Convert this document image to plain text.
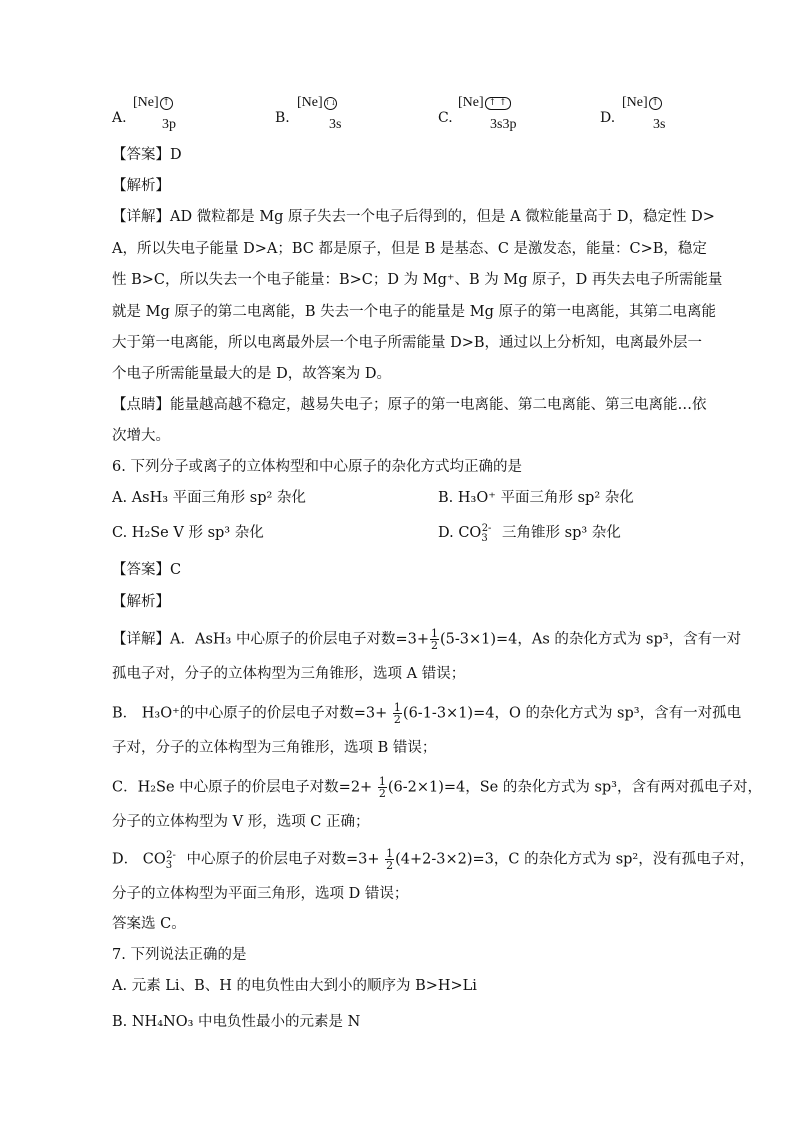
A.
[Ne] ↑
3p	B.
[Ne] ↑↓
3s	C.
[Ne] ↑ ↑
3s3p	D.
[Ne] ↑
3s
【答案】D
【解析】
【详解】AD 微粒都是 Mg 原子失去一个电子后得到的，但是 A 微粒能量高于 D，稳定性 D>
A，所以失电子能量 D>A；BC 都是原子，但是 B 是基态、C 是激发态，能量：C>B，稳定
性 B>C，所以失去一个电子能量：B>C；D 为 Mg⁺、B 为 Mg 原子，D 再失去电子所需能量
就是 Mg 原子的第二电离能，B 失去一个电子的能量是 Mg 原子的第一电离能，其第二电离能
大于第一电离能，所以电离最外层一个电子所需能量 D>B，通过以上分析知，电离最外层一
个电子所需能量最大的是 D，故答案为 D。
【点睛】能量越高越不稳定，越易失电子；原子的第一电离能、第二电离能、第三电离能…依
次增大。
6. 下列分子或离子的立体构型和中心原子的杂化方式均正确的是
A. AsH₃ 平面三角形 sp² 杂化	B. H₃O⁺ 平面三角形 sp² 杂化
C. H₂Se V 形 sp³ 杂化	D. $CO_3^{2-}$ 三角锥形 sp³ 杂化
【答案】C
【解析】
【详解】A．AsH₃ 中心原子的价层电子对数$=3+ \frac{1}{2} (5-3\times 1)=4$，As 的杂化方式为 sp³，含有一对
孤电子对，分子的立体构型为三角锥形，选项 A 错误；
B． H₃O⁺的中心原子的价层电子对数$=3+ \frac{1}{2} (6-1-3\times 1)=4$，O 的杂化方式为 sp³，含有一对孤电
子对，分子的立体构型为三角锥形，选项 B 错误；
C．H₂Se 中心原子的价层电子对数$=2+ \frac{1}{2} (6-2\times 1)=4$，Se 的杂化方式为 sp³，含有两对孤电子对，
分子的立体构型为 V 形，选项 C 正确；
D． $CO_3^{2-}$ 中心原子的价层电子对数$=3+ \frac{1}{2} (4+2-3\times 2)=3$，C 的杂化方式为 sp²，没有孤电子对，
分子的立体构型为平面三角形，选项 D 错误；
答案选 C。
7. 下列说法正确的是
A. 元素 Li、B、H 的电负性由大到小的顺序为 B>H>Li
B. NH₄NO₃ 中电负性最小的元素是 N
